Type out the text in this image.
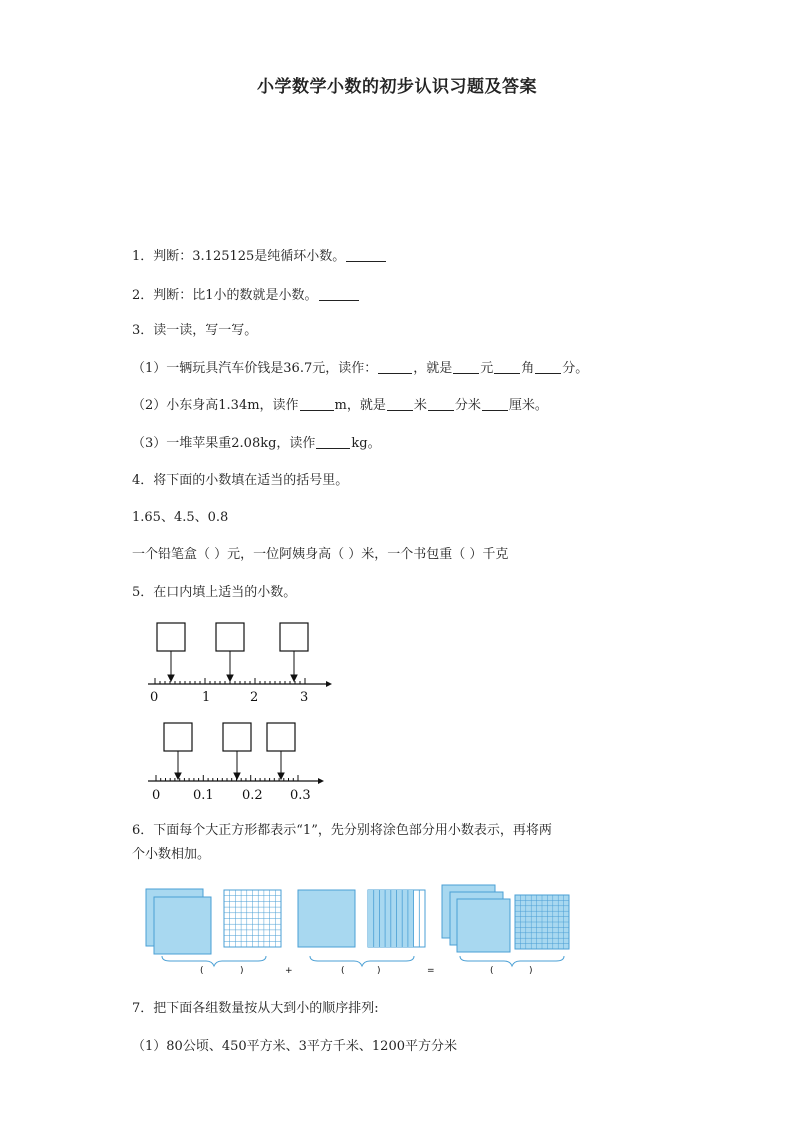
小学数学小数的初步认识习题及答案
1．判断：3.125125是纯循环小数。
2．判断：比1小的数就是小数。
3．读一读，写一写。
（1）一辆玩具汽车价钱是36.7元，读作：	，就是 元 角 分。
（2）小东身高1.34m，读作	m，就是 米 分米 厘米。
（3）一堆苹果重2.08kg，读作	kg。
4．将下面的小数填在适当的括号里。
1.65、4.5、0.8
一个铅笔盒（ ）元，一位阿姨身高（ ）米，一个书包重（ ）千克
5．在口内填上适当的小数。
0	1	2	3
0	0.1 0.2 0.3
6．下面每个大正方形都表示“1”，先分别将涂色部分用小数表示，再将两
个小数相加。
(	)	+	(	)	=	(	)
7．把下面各组数量按从大到小的顺序排列:
（1）80公顷、450平方米、3平方千米、1200平方分米
